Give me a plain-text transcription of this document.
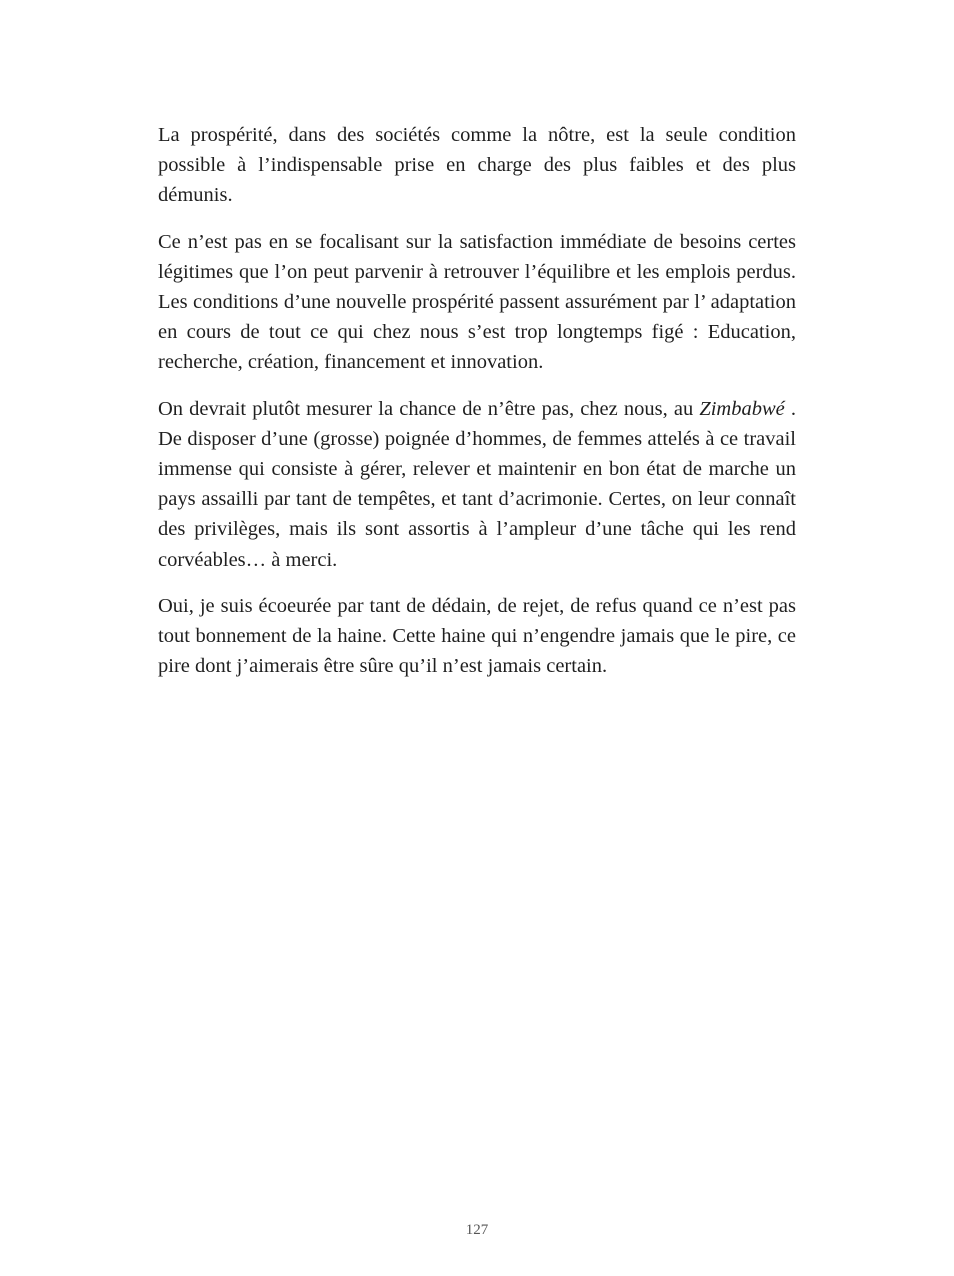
La prospérité, dans des sociétés comme la nôtre, est la seule condition possible à l’indispensable prise en charge des plus faibles et des plus démunis.

Ce n’est pas en se focalisant sur la satisfaction immédiate de besoins certes légitimes que l’on peut parvenir à retrouver l’équilibre et les emplois perdus. Les conditions d’une nouvelle prospérité passent assurément par l’ adaptation en cours de tout ce qui chez nous s’est trop longtemps figé : Education, recherche, création, financement et innovation.

On devrait plutôt mesurer la chance de n’être pas, chez nous, au Zimbabwé . De disposer d’une (grosse) poignée d’hommes, de femmes attelés à ce travail immense qui consiste à gérer, relever et maintenir en bon état de marche un pays assailli par tant de tempêtes, et tant d’acrimonie. Certes, on leur connaît des privilèges, mais ils sont assortis à l’ampleur d’une tâche qui les rend corvéables… à merci.

Oui, je suis écoeurée par tant de dédain, de rejet, de refus quand ce n’est pas tout bonnement de la haine. Cette haine qui n’engendre jamais que le pire, ce pire dont j’aimerais être sûre qu’il n’est jamais certain.

127
